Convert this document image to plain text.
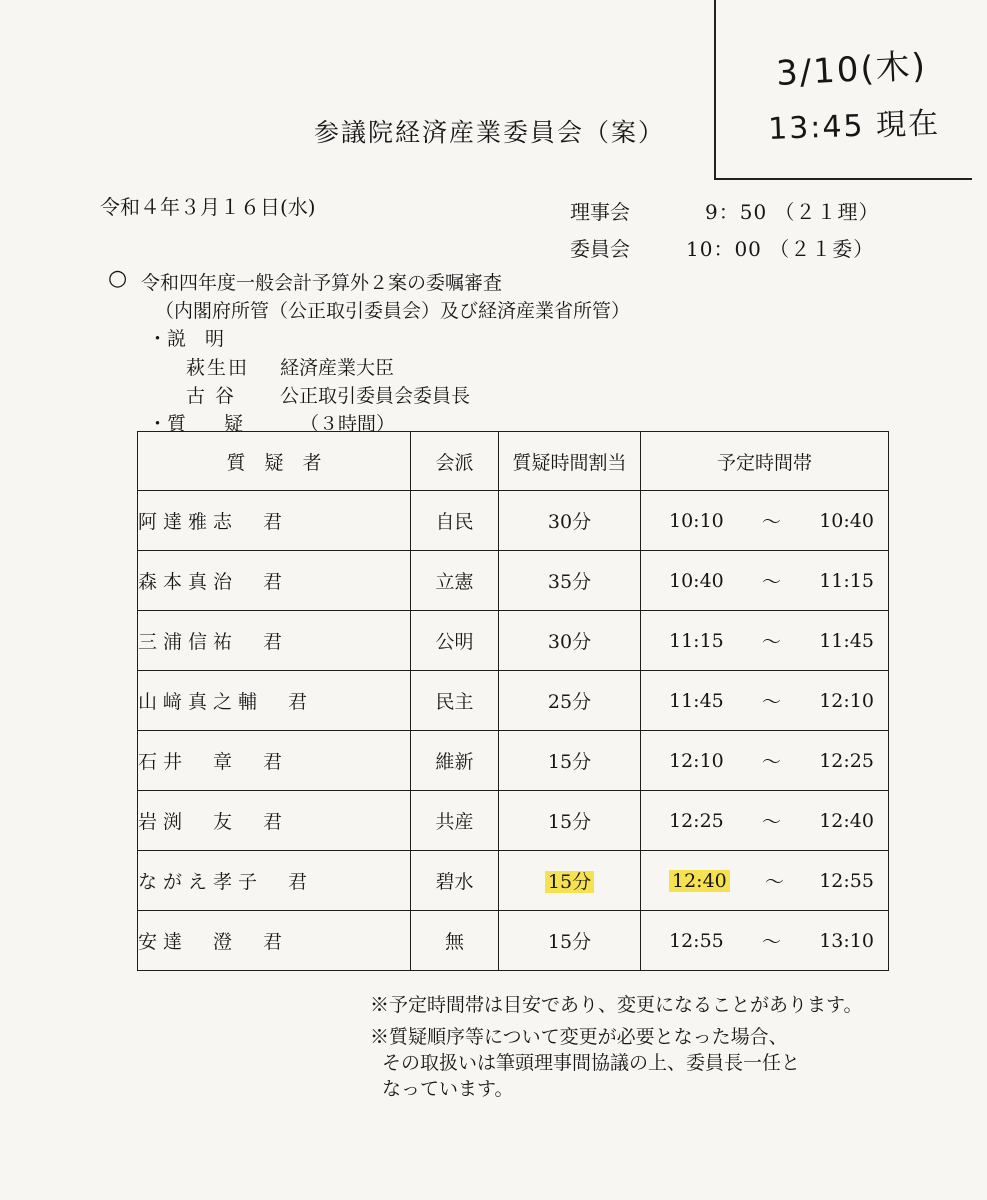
3/10(木)
13:45 現在
参議院経済産業委員会（案）
令和４年３月１６日(水)	理事会	9：50 （２１理）
委員会	10：00 （２１委）
○ 令和四年度一般会計予算外２案の委嘱審査
（内閣府所管（公正取引委員会）及び経済産業省所管）
・説　明
萩生田 経済産業大臣
古 谷 公正取引委員会委員長
・質　　疑	（３時間）
質　疑　者	会派	質疑時間割当	予定時間帯
阿達雅志　君	自民	30分	10:10 ～ 10:40

森本真治　君	立憲	35分	10:40 ～ 11:15

三浦信祐　君	公明	30分	11:15 ～ 11:45

山﨑真之輔　君	民主	25分	11:45 ～ 12:10

石井　章　君	維新	15分	12:10 ～ 12:25

岩渕　友　君	共産	15分	12:25 ～ 12:40

ながえ孝子　君	碧水	15分	12:40 ～ 12:55

安達　澄　君	無	15分	12:55 ～ 13:10
※予定時間帯は目安であり、変更になることがあります。
※質疑順序等について変更が必要となった場合、
その取扱いは筆頭理事間協議の上、委員長一任と
なっています。
